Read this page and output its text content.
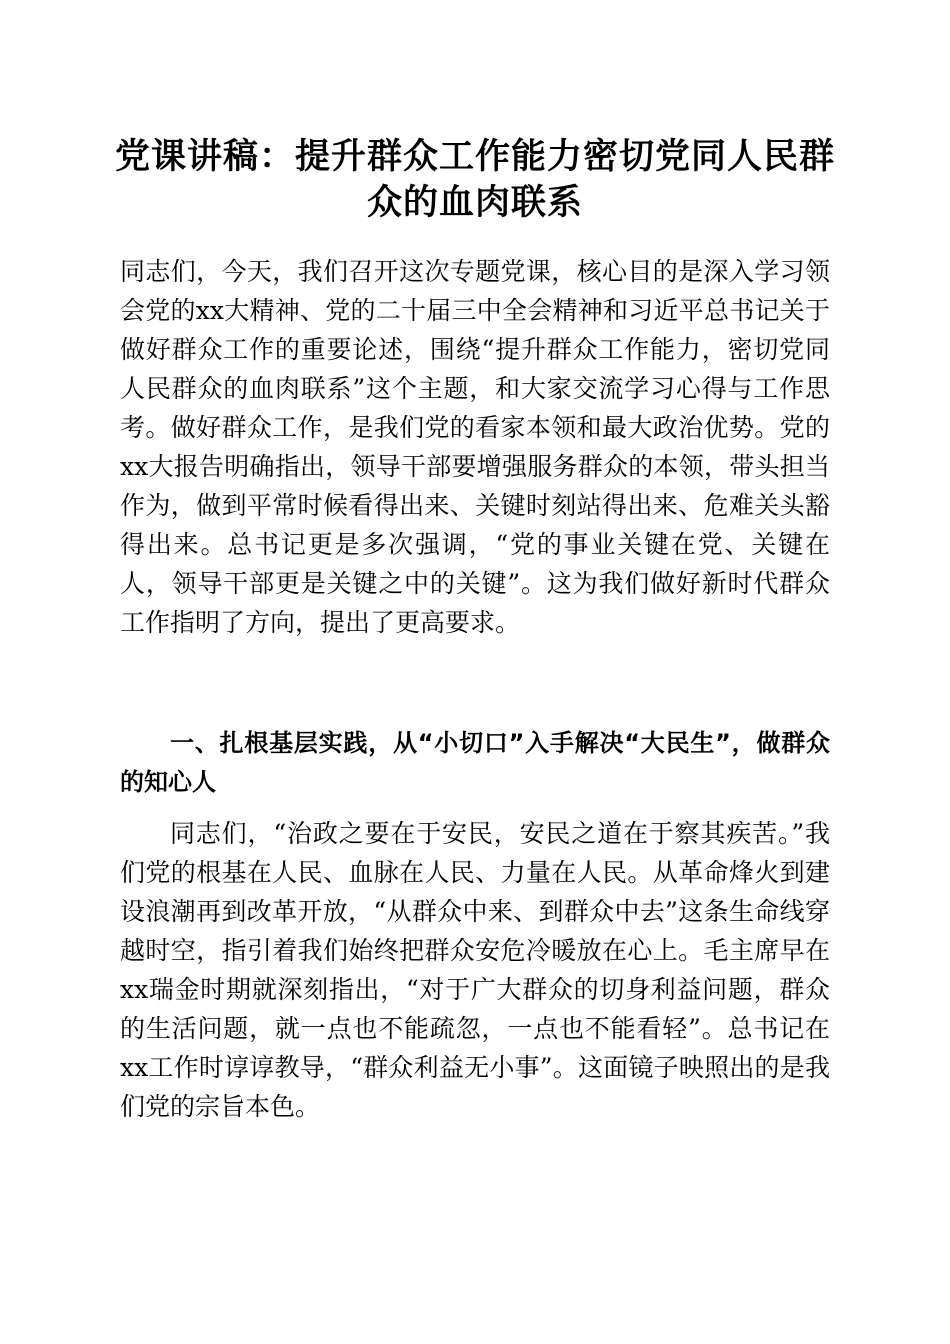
党课讲稿：提升群众工作能力密切党同人民群众的血肉联系

同志们，今天，我们召开这次专题党课，核心目的是深入学习领会党的xx大精神、党的二十届三中全会精神和习近平总书记关于做好群众工作的重要论述，围绕“提升群众工作能力，密切党同人民群众的血肉联系”这个主题，和大家交流学习心得与工作思考。做好群众工作，是我们党的看家本领和最大政治优势。党的xx大报告明确指出，领导干部要增强服务群众的本领，带头担当作为，做到平常时候看得出来、关键时刻站得出来、危难关头豁得出来。总书记更是多次强调，“党的事业关键在党、关键在人，领导干部更是关键之中的关键”。这为我们做好新时代群众工作指明了方向，提出了更高要求。

一、扎根基层实践，从“小切口”入手解决“大民生”，做群众的知心人

同志们，“治政之要在于安民，安民之道在于察其疾苦。”我们党的根基在人民、血脉在人民、力量在人民。从革命烽火到建设浪潮再到改革开放，“从群众中来、到群众中去”这条生命线穿越时空，指引着我们始终把群众安危冷暖放在心上。毛主席早在xx瑞金时期就深刻指出，“对于广大群众的切身利益问题，群众的生活问题，就一点也不能疏忽，一点也不能看轻”。总书记在xx工作时谆谆教导，“群众利益无小事”。这面镜子映照出的是我们党的宗旨本色。
